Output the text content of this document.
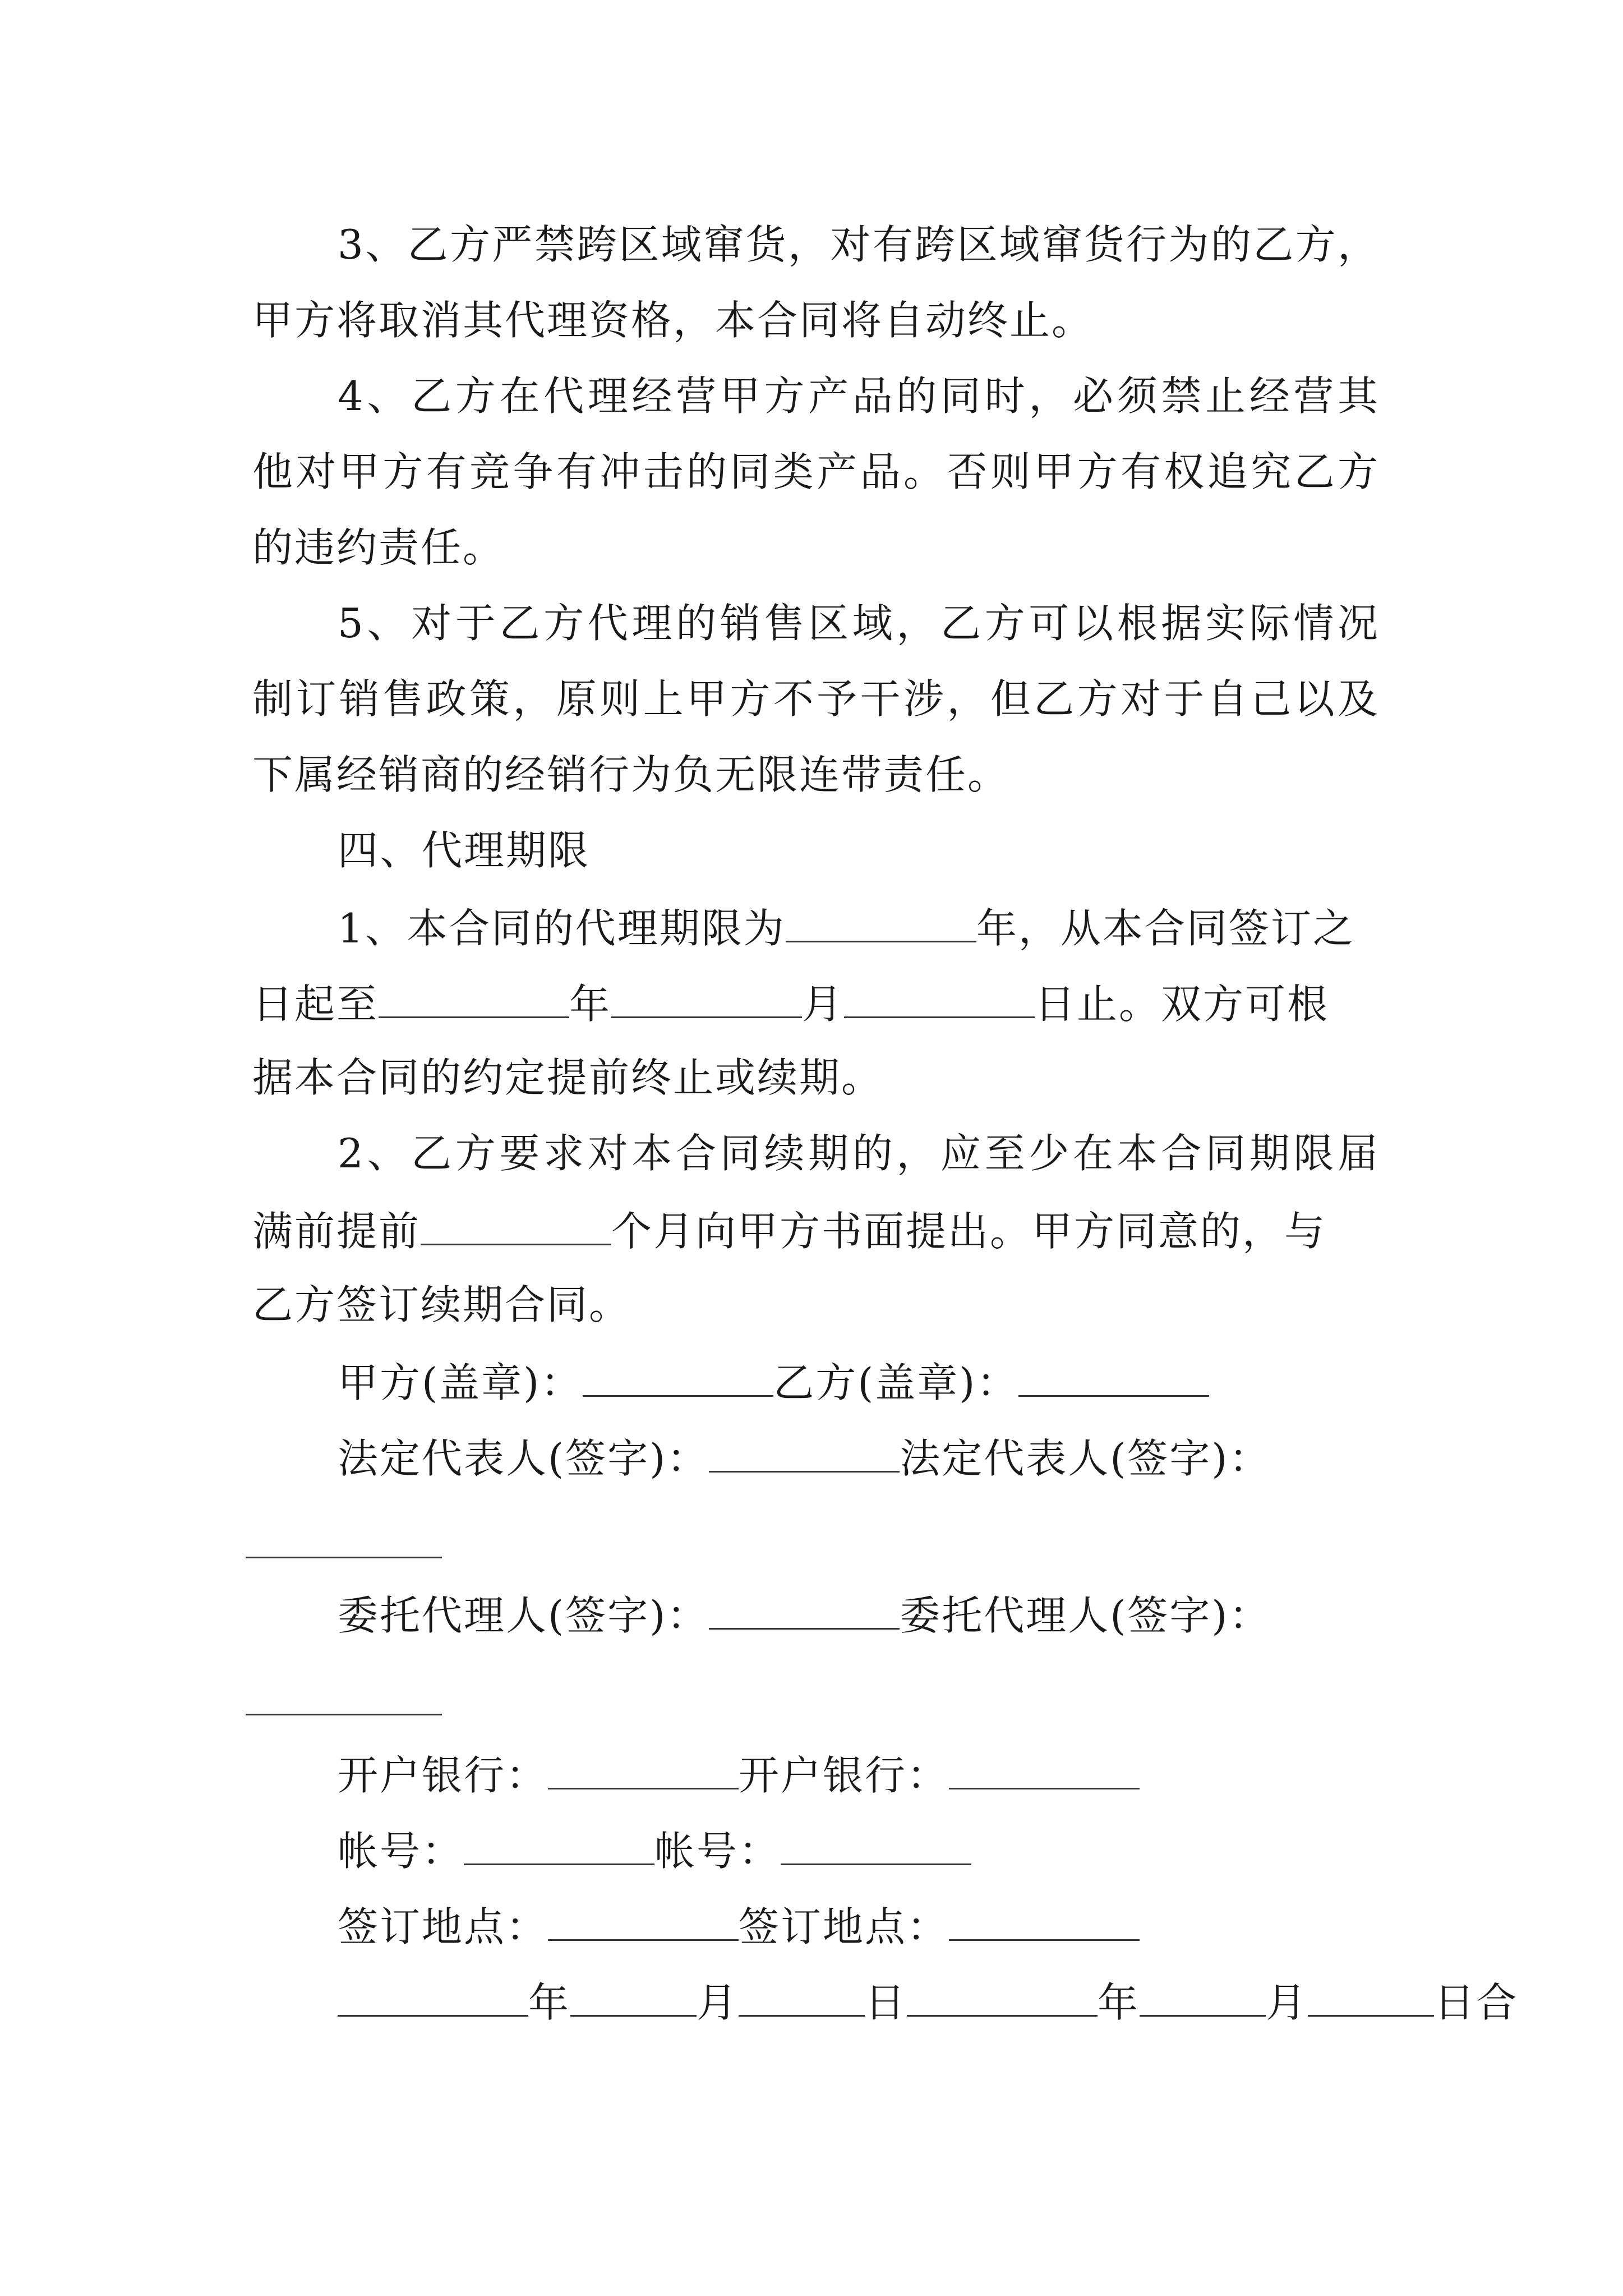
3、乙方严禁跨区域窜货，对有跨区域窜货行为的乙方，
甲方将取消其代理资格，本合同将自动终止。
4、乙方在代理经营甲方产品的同时，必须禁止经营其
他对甲方有竞争有冲击的同类产品。否则甲方有权追究乙方
的违约责任。
5、对于乙方代理的销售区域，乙方可以根据实际情况
制订销售政策，原则上甲方不予干涉，但乙方对于自己以及
下属经销商的经销行为负无限连带责任。
四、代理期限
1、本合同的代理期限为	年，从本合同签订之
日起至	年	月	日止。双方可根
据本合同的约定提前终止或续期。
2、乙方要求对本合同续期的，应至少在本合同期限届
满前提前	个月向甲方书面提出。甲方同意的，与
乙方签订续期合同。
甲方(盖章)：	乙方(盖章)：
法定代表人(签字)：	法定代表人(签字)：
委托代理人(签字)：	委托代理人(签字)：
开户银行：	开户银行：
帐号：	帐号：
签订地点：	签订地点：
年	月	日	年	月	日合
